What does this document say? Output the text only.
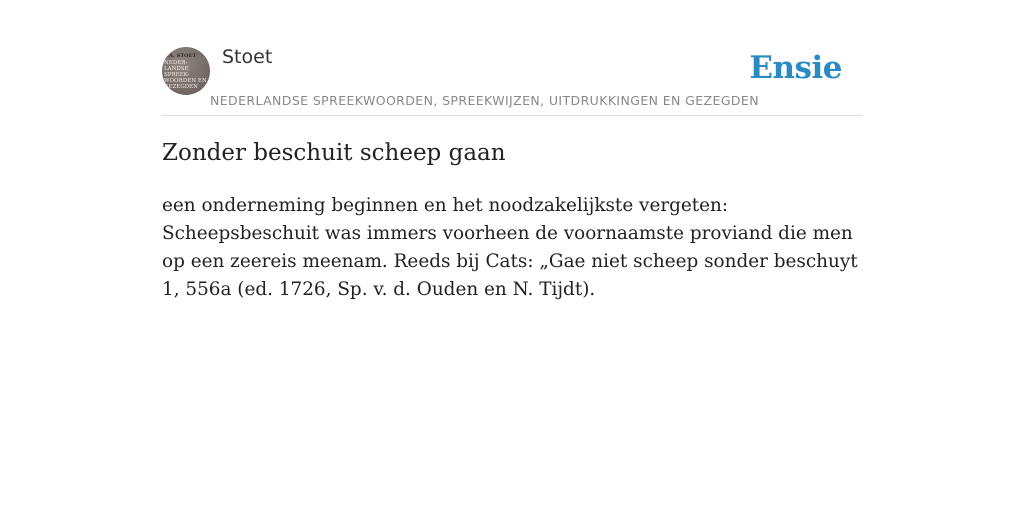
F.A. STOET
NEDER-
LANDSE
SPREEK-
WOORDEN EN
GEZEGDEN
Stoet
NEDERLANDSE SPREEKWOORDEN, SPREEKWIJZEN, UITDRUKKINGEN EN GEZEGDEN
Ensie
Zonder beschuit scheep gaan

een onderneming beginnen en het noodzakelijkste vergeten: Scheepsbeschuit was immers voorheen de voornaamste proviand die men op een zeereis meenam. Reeds bij Cats: „Gae niet scheep sonder beschuyt 1, 556a (ed. 1726, Sp. v. d. Ouden en N. Tijdt).
